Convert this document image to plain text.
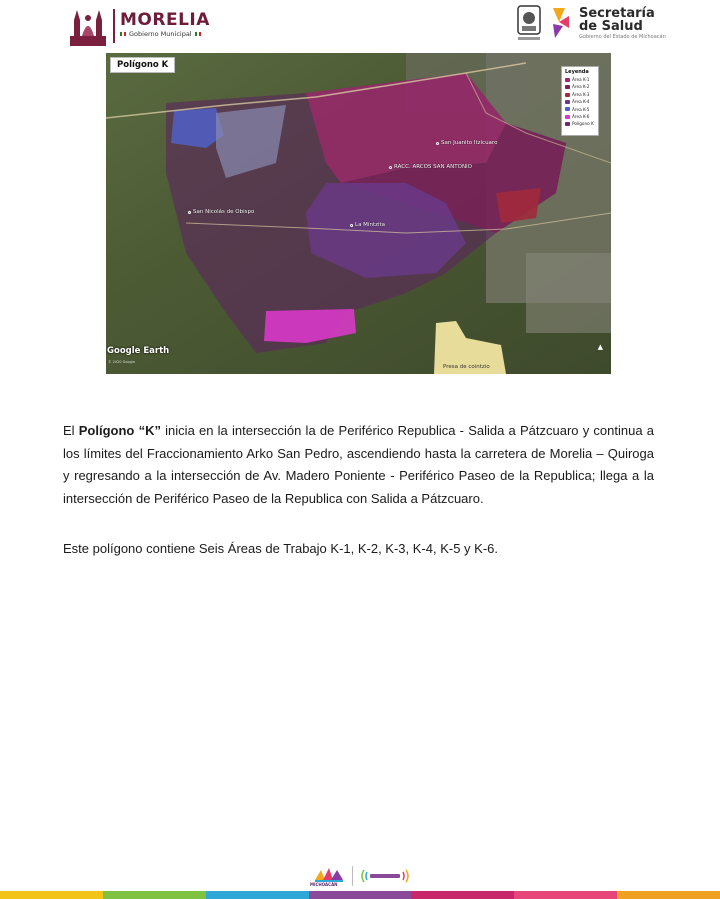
MORELIA
Gobierno Municipal
Secretaría
de Salud
Gobierno del Estado de Michoacán
Polígono K
Leyenda
Área K-1
Área K-2
Área K-3
Área K-4
Área K-5
Área K-6
Polígono K
San Juanito Itzícuaro
RACC. ARCOS SAN ANTONIO
San Nicolás de Obispo
La Mintzita
Presa de cointzio
Google Earth
© 2020 Google
▲

El Polígono “K” inicia en la intersección la de Periférico Republica - Salida a Pátzcuaro y continua a los límites del Fraccionamiento Arko San Pedro, ascendiendo hasta la carretera de Morelia – Quiroga y regresando a la intersección de Av. Madero Poniente - Periférico Paseo de la Republica; llega a la intersección de Periférico Paseo de la Republica con Salida a Pátzcuaro.

Este polígono contiene Seis Áreas de Trabajo K-1, K-2, K-3, K-4, K-5 y K-6.

MICHOACÁN
